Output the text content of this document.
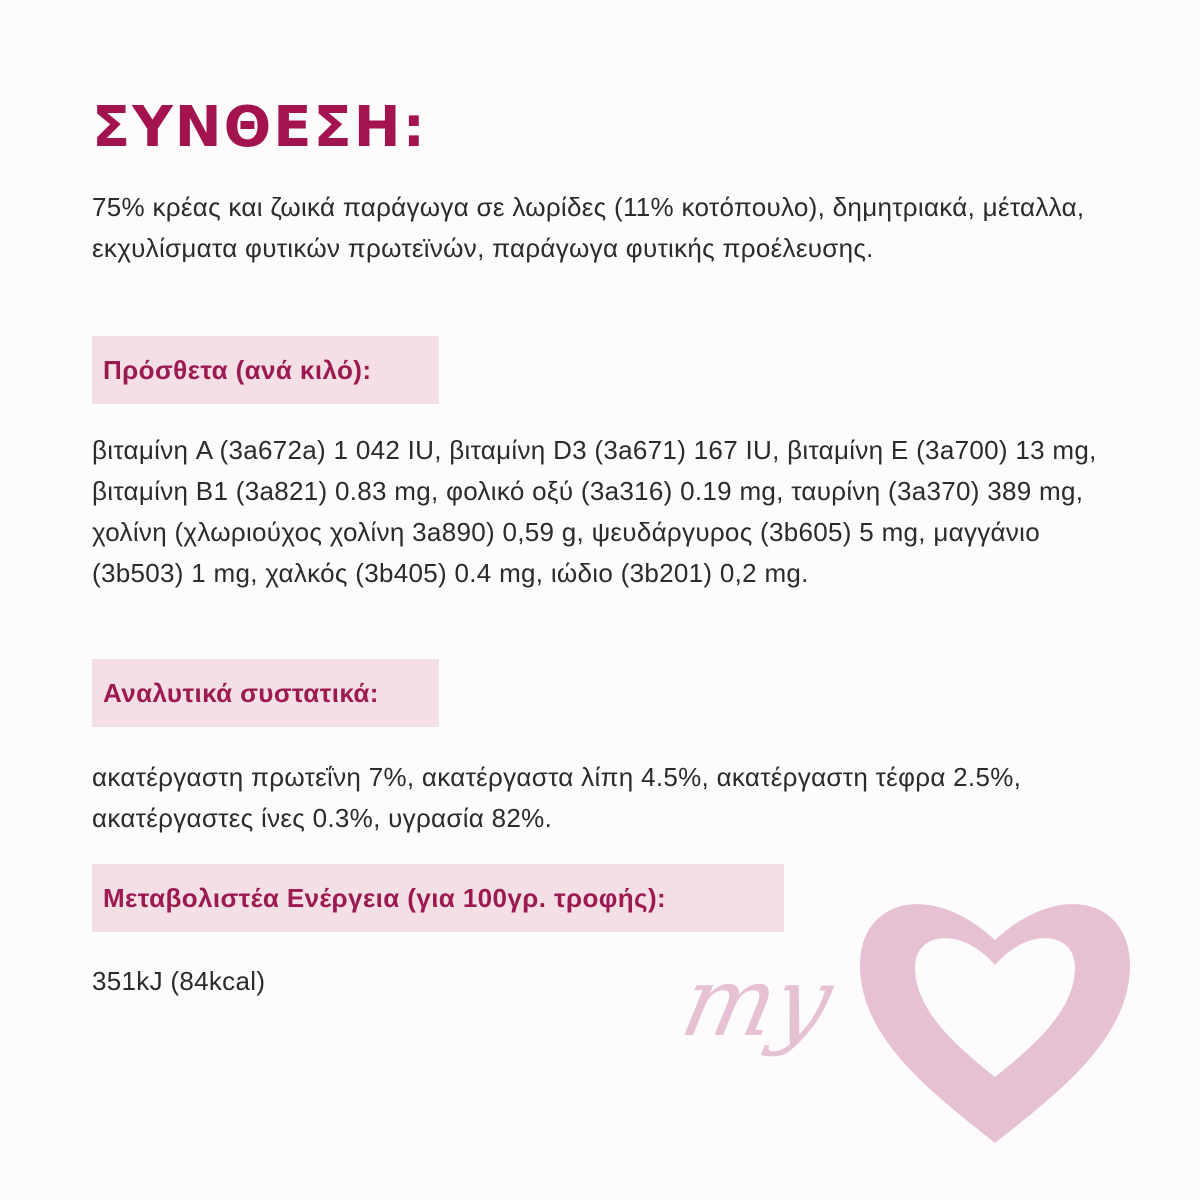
ΣΥΝΘΕΣΗ:

75% κρέας και ζωικά παράγωγα σε λωρίδες (11% κοτόπουλο), δημητριακά, μέταλλα, εκχυλίσματα φυτικών πρωτεϊνών, παράγωγα φυτικής προέλευσης.

Πρόσθετα (ανά κιλό):

βιταμίνη A (3a672a) 1 042 IU, βιταμίνη D3 (3a671) 167 IU, βιταμίνη E (3a700) 13 mg, βιταμίνη B1 (3a821) 0.83 mg, φολικό οξύ (3a316) 0.19 mg, ταυρίνη (3a370) 389 mg, χολίνη (χλωριούχος χολίνη 3a890) 0,59 g, ψευδάργυρος (3b605) 5 mg, μαγγάνιο (3b503) 1 mg, χαλκός (3b405) 0.4 mg, ιώδιο (3b201) 0,2 mg.

Αναλυτικά συστατικά:

ακατέργαστη πρωτεΐνη 7%, ακατέργαστα λίπη 4.5%, ακατέργαστη τέφρα 2.5%, ακατέργαστες ίνες 0.3%, υγρασία 82%.

Μεταβολιστέα Ενέργεια (για 100γρ. τροφής):

351kJ (84kcal)	my
